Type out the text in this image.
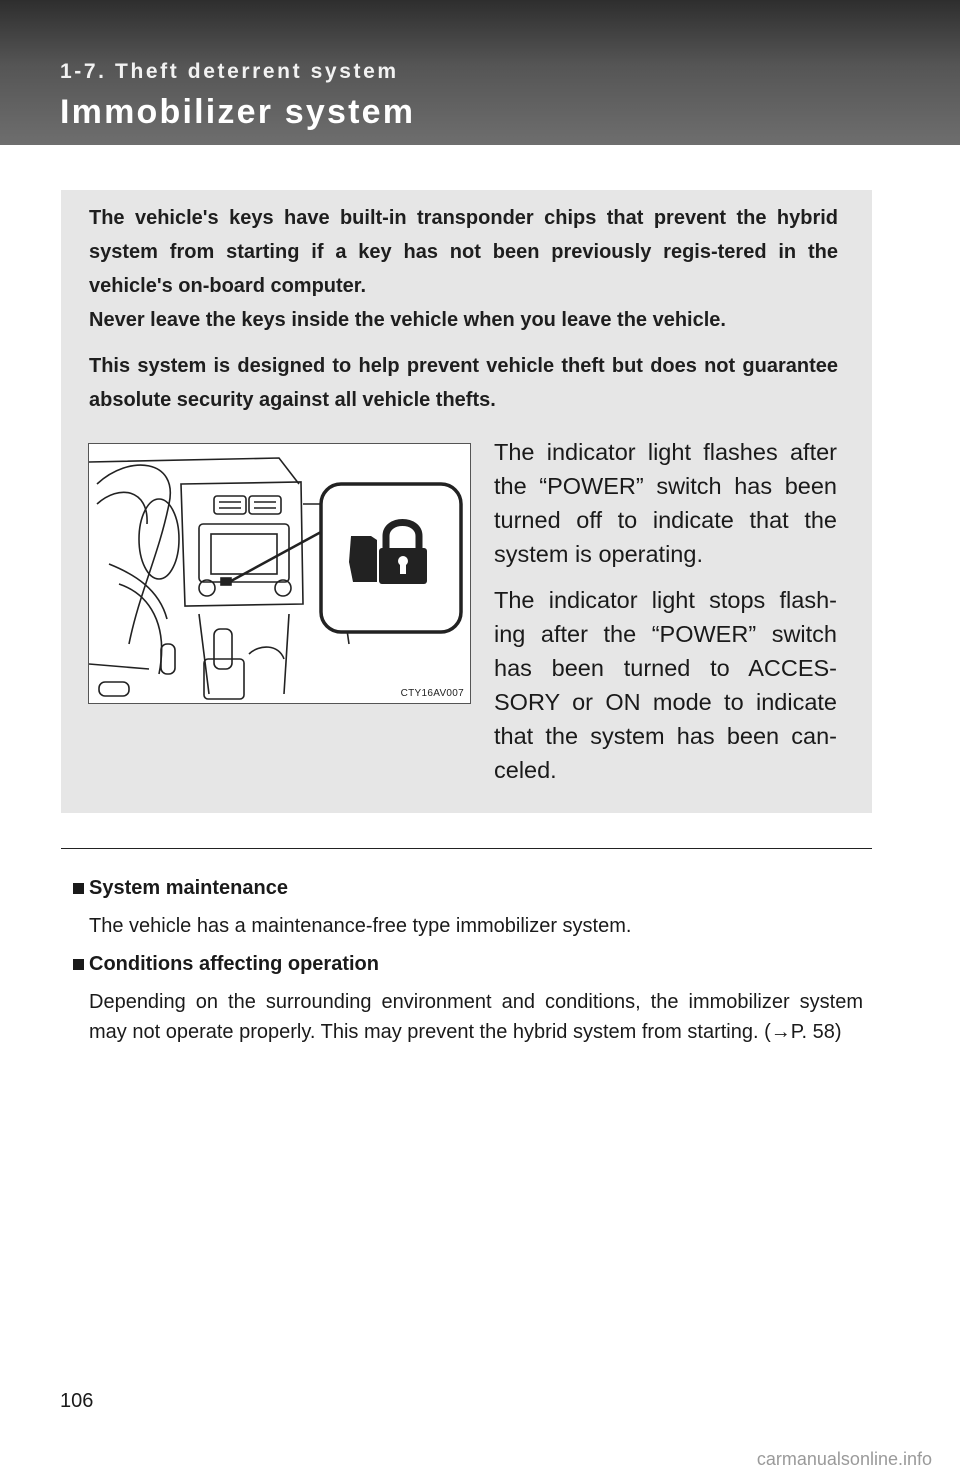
1-7. Theft deterrent system
Immobilizer system

The vehicle's keys have built-in transponder chips that prevent the hybrid system from starting if a key has not been previously regis-tered in the vehicle's on-board computer.

Never leave the keys inside the vehicle when you leave the vehicle.

This system is designed to help prevent vehicle theft but does not guarantee absolute security against all vehicle thefts.

CTY16AV007

The indicator light flashes after the “POWER” switch has been turned off to indicate that the system is operating.

The indicator light stops flash-ing after the “POWER” switch has been turned to ACCES-SORY or ON mode to indicate that the system has been can-celed.

System maintenance
The vehicle has a maintenance-free type immobilizer system.
Conditions affecting operation
Depending on the surrounding environment and conditions, the immobilizer system may not operate properly. This may prevent the hybrid system from starting. (→P. 58)
106
carmanualsonline.info
